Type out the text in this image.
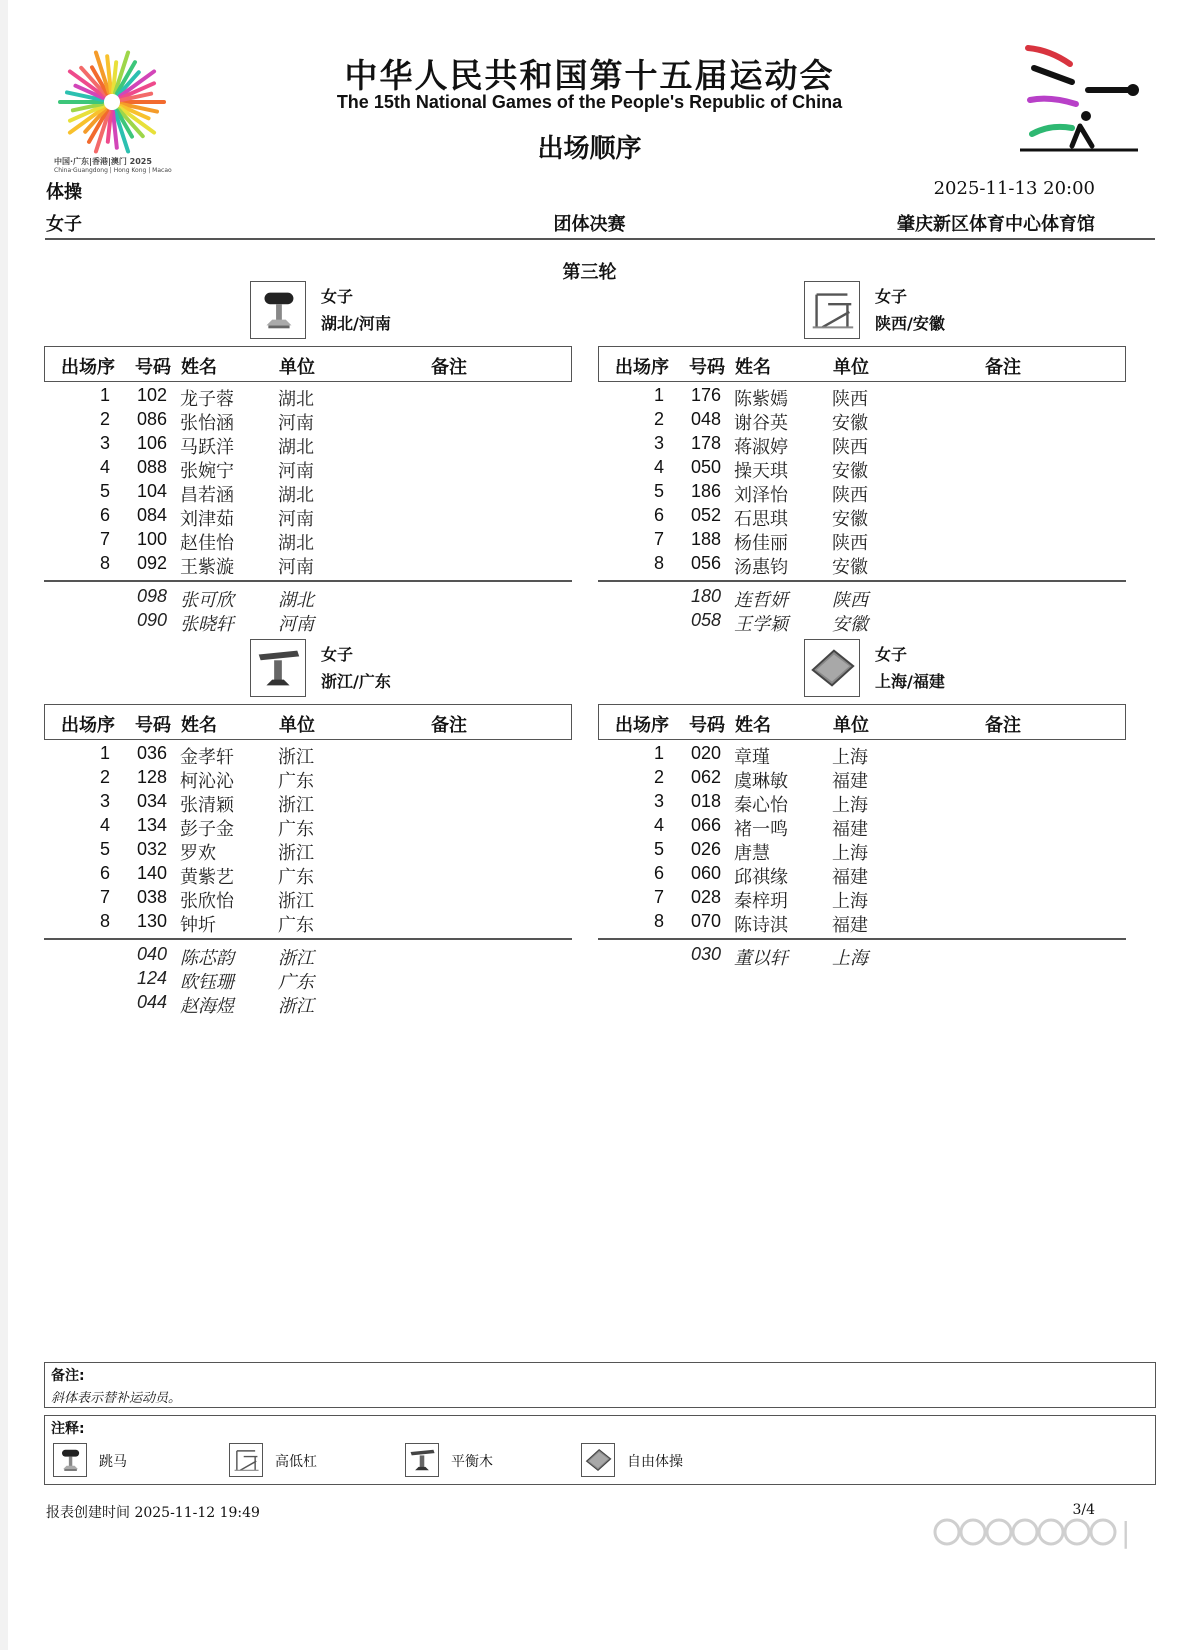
中国·广东|香港|澳门 2025
China·Guangdong | Hong Kong | Macao
中华人民共和国第十五届运动会
The 15th National Games of the People's Republic of China
出场顺序
体操	2025-11-13 20:00
女子	团体决赛	肇庆新区体育中心体育馆
第三轮
女子
湖北/河南
出场序 号码 姓名	单位	备注
1 102 龙子蓉 湖北
2 086 张怡涵 河南
3 106 马跃洋 湖北
4 088 张婉宁 河南
5 104 昌若涵 湖北
6 084 刘津茹 河南
7 100 赵佳怡 湖北
8 092 王紫漩 河南
098 张可欣 湖北
090 张晓轩 河南
女子
陕西/安徽
出场序 号码 姓名	单位	备注
1 176 陈紫嫣 陕西
2 048 谢谷英 安徽
3 178 蒋淑婷 陕西
4 050 操天琪 安徽
5 186 刘泽怡 陕西
6 052 石思琪 安徽
7 188 杨佳丽 陕西
8 056 汤惠钧 安徽
180 连哲妍 陕西
058 王学颖 安徽
女子
浙江/广东
出场序 号码 姓名	单位	备注
1 036 金孝轩 浙江
2 128 柯沁沁 广东
3 034 张清颖 浙江
4 134 彭子金 广东
5 032 罗欢	浙江
6 140 黄紫艺 广东
7 038 张欣怡 浙江
8 130 钟圻	广东
040 陈芯韵 浙江
124 欧钰珊 广东
044 赵海煜 浙江
女子
上海/福建
出场序 号码 姓名	单位	备注
1 020 章瑾	上海
2 062 虞琳敏 福建
3 018 秦心怡 上海
4 066 褚一鸣 福建
5 026 唐慧	上海
6 060 邱祺缘 福建
7 028 秦梓玥 上海
8 070 陈诗淇 福建
030 董以轩 上海
备注:
斜体表示替补运动员。
注释:
跳马	高低杠	平衡木	自由体操
报表创建时间 2025-11-12 19:49	3/4
|
